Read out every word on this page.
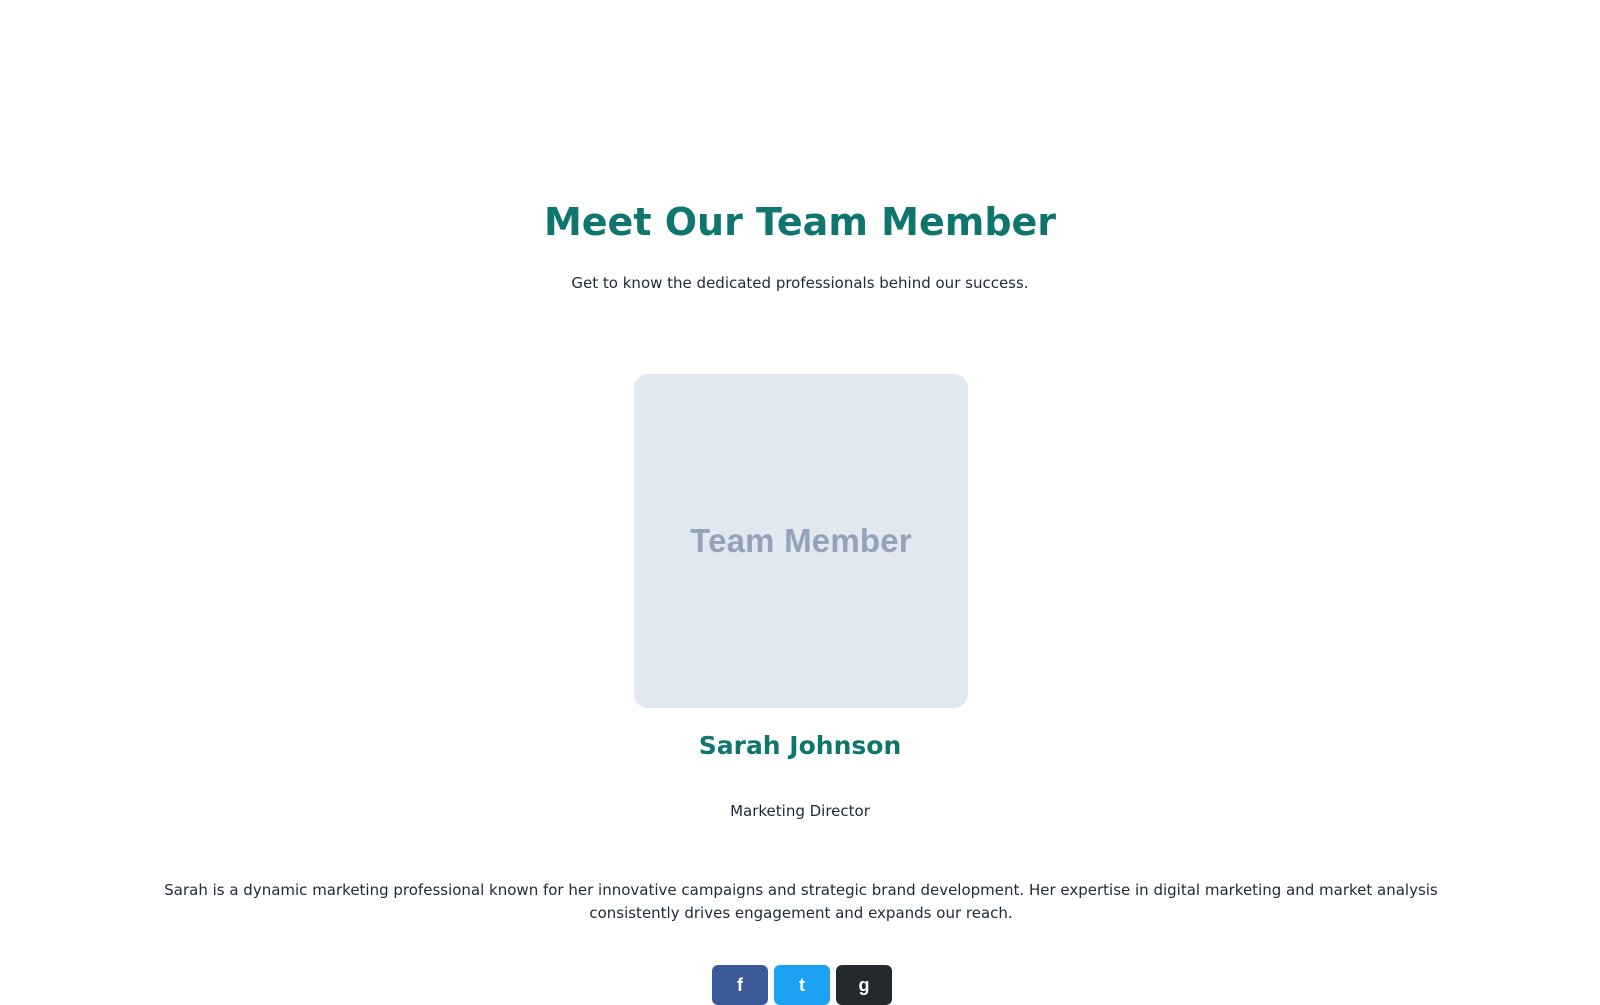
Meet Our Team Member

Get to know the dedicated professionals behind our success.

Team Member
Sarah Johnson

Marketing Director

Sarah is a dynamic marketing professional known for her innovative campaigns and strategic brand development. Her expertise in digital marketing and market analysis consistently drives engagement and expands our reach.

f	t	g
